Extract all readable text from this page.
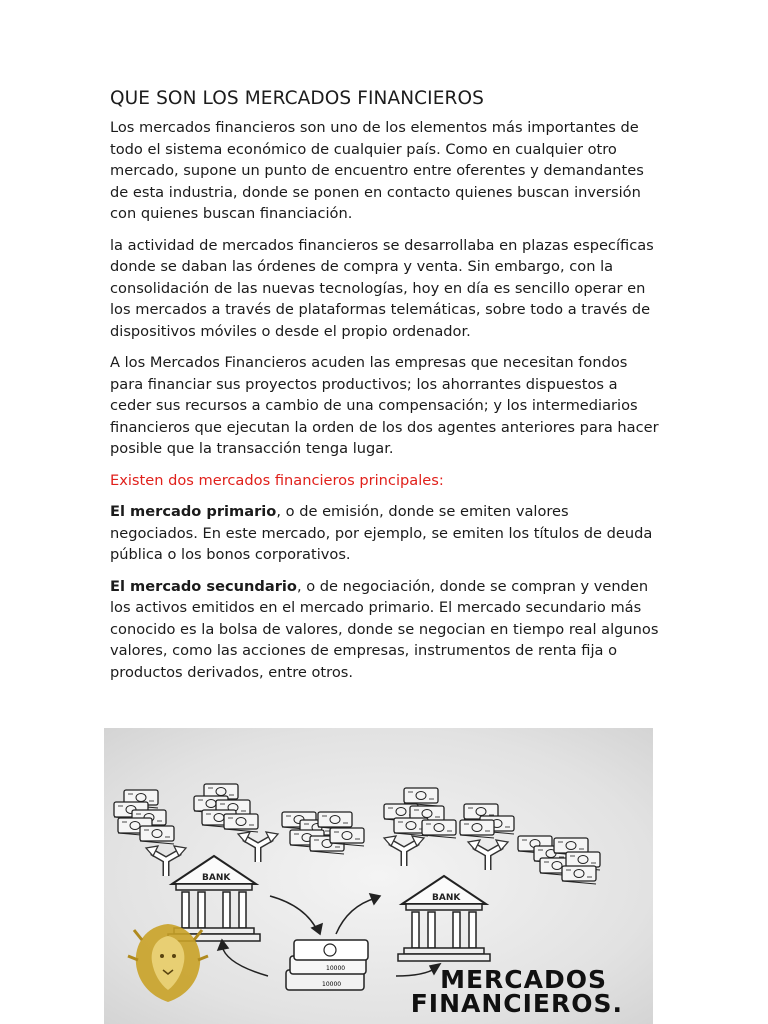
QUE SON LOS MERCADOS FINANCIEROS

Los mercados financieros son uno de los elementos más importantes de todo el sistema económico de cualquier país. Como en cualquier otro mercado, supone un punto de encuentro entre oferentes y demandantes de esta industria, donde se ponen en contacto quienes buscan inversión con quienes buscan financiación.

la actividad de mercados financieros se desarrollaba en plazas específicas donde se daban las órdenes de compra y venta. Sin embargo, con la consolidación de las nuevas tecnologías, hoy en día es sencillo operar en los mercados a través de plataformas telemáticas, sobre todo a través de dispositivos móviles o desde el propio ordenador.

A los Mercados Financieros acuden las empresas que necesitan fondos para financiar sus proyectos productivos; los ahorrantes dispuestos a ceder sus recursos a cambio de una compensación; y los intermediarios financieros que ejecutan la orden de los dos agentes anteriores para hacer posible que la transacción tenga lugar.

Existen dos mercados financieros principales:

El mercado primario, o de emisión, donde se emiten valores negociados. En este mercado, por ejemplo, se emiten los títulos de deuda pública o los bonos corporativos.

El mercado secundario, o de negociación, donde se compran y venden los activos emitidos en el mercado primario. El mercado secundario más conocido es la bolsa de valores, donde se negocian en tiempo real algunos valores, como las acciones de empresas, instrumentos de renta fija o productos derivados, entre otros.

BANK
BANK
10000
10000	MERCADOS
FINANCIEROS.
